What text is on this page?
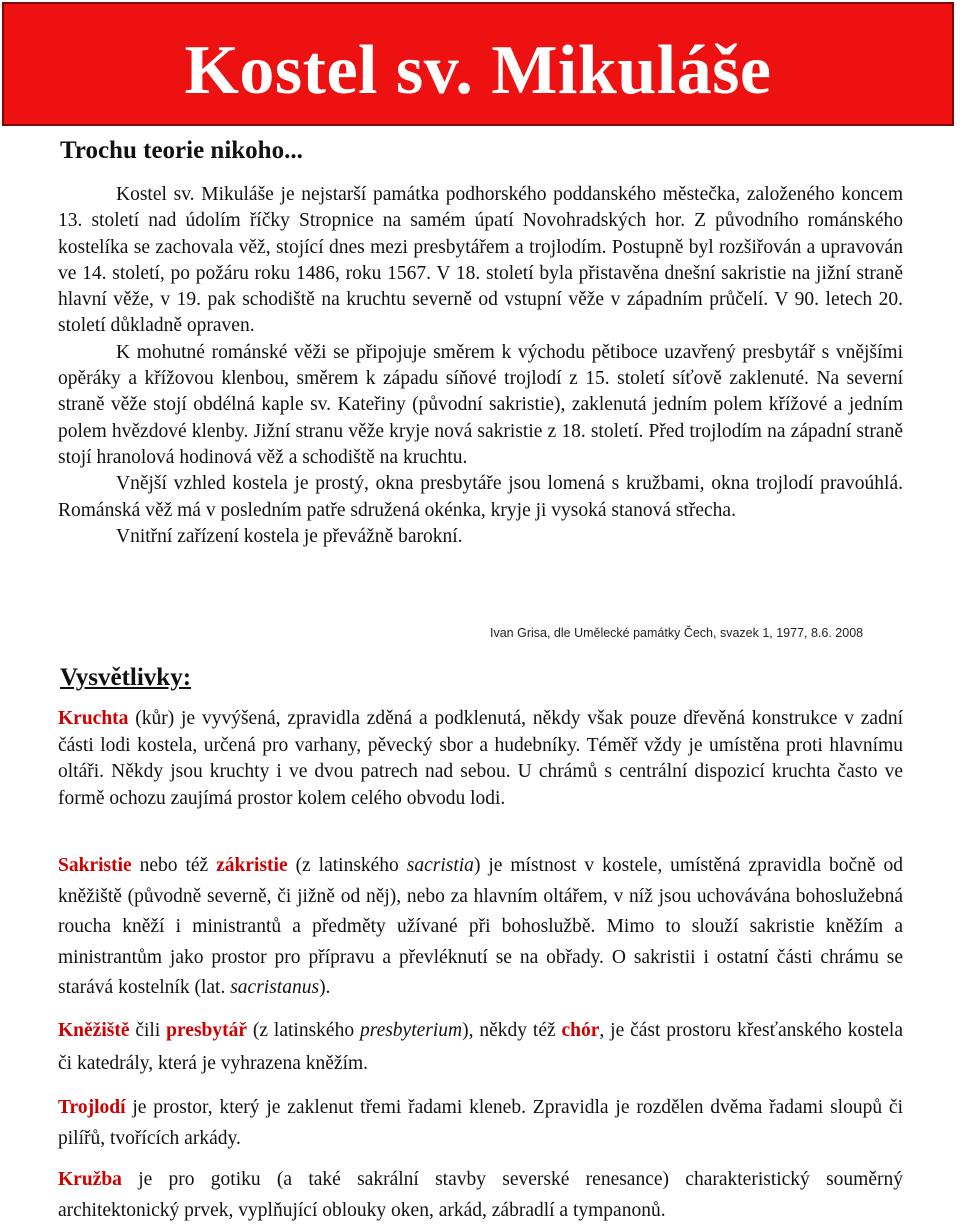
Kostel sv. Mikuláše
Trochu teorie nikoho...

Kostel sv. Mikuláše je nejstarší památka podhorského poddanského městečka, založeného koncem 13. století nad údolím říčky Stropnice na samém úpatí Novohradských hor. Z původního románského kostelíka se zachovala věž, stojící dnes mezi presbytářem a trojlodím. Postupně byl rozšiřován a upravován ve 14. století, po požáru roku 1486, roku 1567. V 18. století byla přistavěna dnešní sakristie na jižní straně hlavní věže, v 19. pak schodiště na kruchtu severně od vstupní věže v západním průčelí. V 90. letech 20. století důkladně opraven.

K mohutné románské věži se připojuje směrem k východu pětiboce uzavřený presbytář s vnějšími opěráky a křížovou klenbou, směrem k západu síňové trojlodí z 15. století síťově zaklenuté. Na severní straně věže stojí obdélná kaple sv. Kateřiny (původní sakristie), zaklenutá jedním polem křížové a jedním polem hvězdové klenby. Jižní stranu věže kryje nová sakristie z 18. století. Před trojlodím na západní straně stojí hranolová hodinová věž a schodiště na kruchtu.

Vnější vzhled kostela je prostý, okna presbytáře jsou lomená s kružbami, okna trojlodí pravoúhlá. Románská věž má v posledním patře sdružená okénka, kryje ji vysoká stanová střecha.

Vnitřní zařízení kostela je převážně barokní.

Ivan Grisa, dle Umělecké památky Čech, svazek 1, 1977, 8.6. 2008
Vysvětlivky:

Kruchta (kůr) je vyvýšená, zpravidla zděná a podklenutá, někdy však pouze dřevěná konstrukce v zadní části lodi kostela, určená pro varhany, pěvecký sbor a hudebníky. Téměř vždy je umístěna proti hlavnímu oltáři. Někdy jsou kruchty i ve dvou patrech nad sebou. U chrámů s centrální dispozicí kruchta často ve formě ochozu zaujímá prostor kolem celého obvodu lodi.

Sakristie nebo též zákristie (z latinského sacristia) je místnost v kostele, umístěná zpravidla bočně od kněžiště (původně severně, či jižně od něj), nebo za hlavním oltářem, v níž jsou uchovávána bohoslužebná roucha kněží i ministrantů a předměty užívané při bohoslužbě. Mimo to slouží sakristie kněžím a ministrantům jako prostor pro přípravu a převléknutí se na obřady. O sakristii i ostatní části chrámu se starává kostelník (lat. sacristanus).

Kněžiště čili presbytář (z latinského presbyterium), někdy též chór, je část prostoru křesťanského kostela či katedrály, která je vyhrazena kněžím.

Trojlodí je prostor, který je zaklenut třemi řadami kleneb. Zpravidla je rozdělen dvěma řadami sloupů či pilířů, tvořících arkády.

Kružba je pro gotiku (a také sakrální stavby severské renesance) charakteristický souměrný architektonický prvek, vyplňující oblouky oken, arkád, zábradlí a tympanonů.
